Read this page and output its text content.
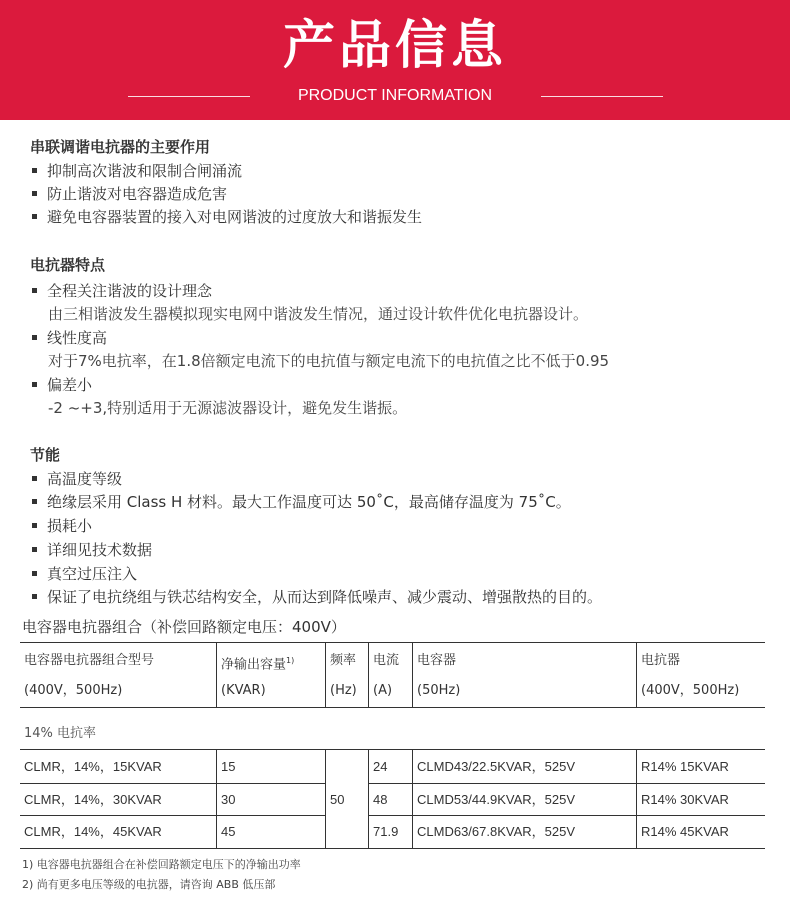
产品信息
PRODUCT INFORMATION
串联调谐电抗器的主要作用
抑制高次谐波和限制合闸涌流
防止谐波对电容器造成危害
避免电容器装置的接入对电网谐波的过度放大和谐振发生
电抗器特点
全程关注谐波的设计理念
由三相谐波发生器模拟现实电网中谐波发生情况，通过设计软件优化电抗器设计。
线性度高
对于7%电抗率，在1.8倍额定电流下的电抗值与额定电流下的电抗值之比不低于0.95
偏差小
-2 ~+3,特别适用于无源滤波器设计，避免发生谐振。
节能
高温度等级
绝缘层采用 Class H 材料。最大工作温度可达 50˚C，最高储存温度为 75˚C。
损耗小
详细见技术数据
真空过压注入
保证了电抗绕组与铁芯结构安全，从而达到降低噪声、减少震动、增强散热的目的。
电容器电抗器组合（补偿回路额定电压：400V）
电容器电抗器组合型号	净输出容量$^{1)}$	频率 电流 电容器	电抗器
(400V，500Hz)	(KVAR)	(Hz) (A) (50Hz)	(400V，500Hz)
14% 电抗率
CLMR，14%，15KVAR	15	24 CLMD43/22.5KVAR，525V	R14% 15KVAR
CLMR，14%，30KVAR	30	50 48 CLMD53/44.9KVAR，525V	R14% 30KVAR
CLMR，14%，45KVAR	45	71.9 CLMD63/67.8KVAR，525V	R14% 45KVAR
1) 电容器电抗器组合在补偿回路额定电压下的净输出功率
2) 尚有更多电压等级的电抗器，请咨询 ABB 低压部
